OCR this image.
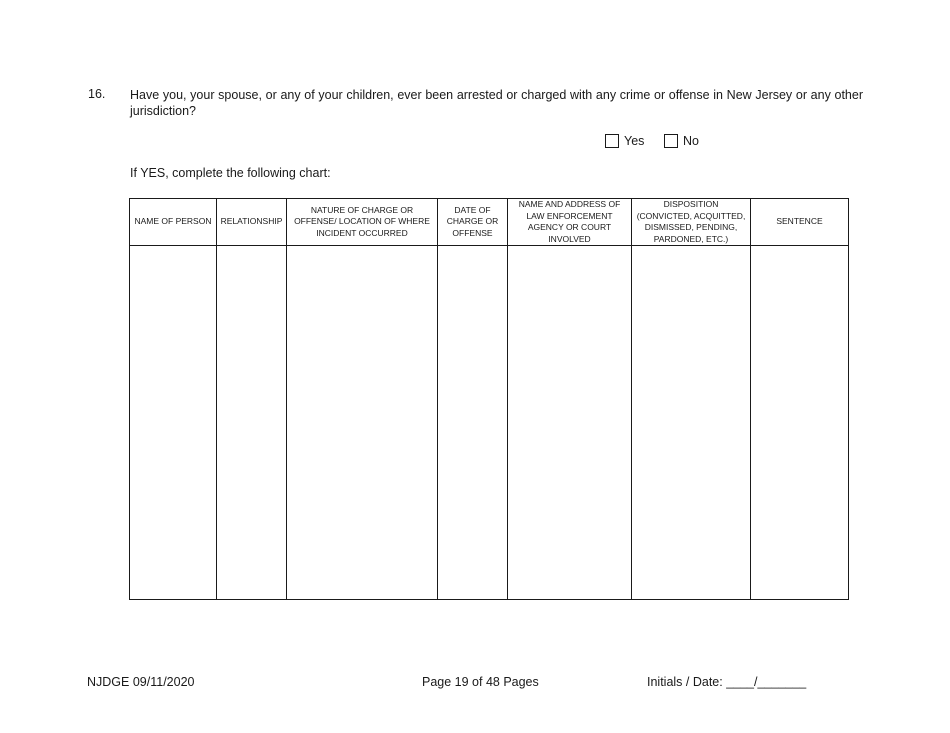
16. Have you, your spouse, or any of your children, ever been arrested or charged with any crime or offense in New Jersey or any other jurisdiction?
Yes	No
If YES, complete the following chart:
NAME OF PERSON	RELATIONSHIP	NATURE OF CHARGE OR OFFENSE/ LOCATION OF WHERE INCIDENT OCCURRED	DATE OF CHARGE OR OFFENSE	NAME AND ADDRESS OF LAW ENFORCEMENT AGENCY OR COURT INVOLVED	DISPOSITION (CONVICTED, ACQUITTED, DISMISSED, PENDING, PARDONED, ETC.)	SENTENCE

NJDGE 09/11/2020	Page 19 of 48 Pages	Initials / Date: ____/_______
